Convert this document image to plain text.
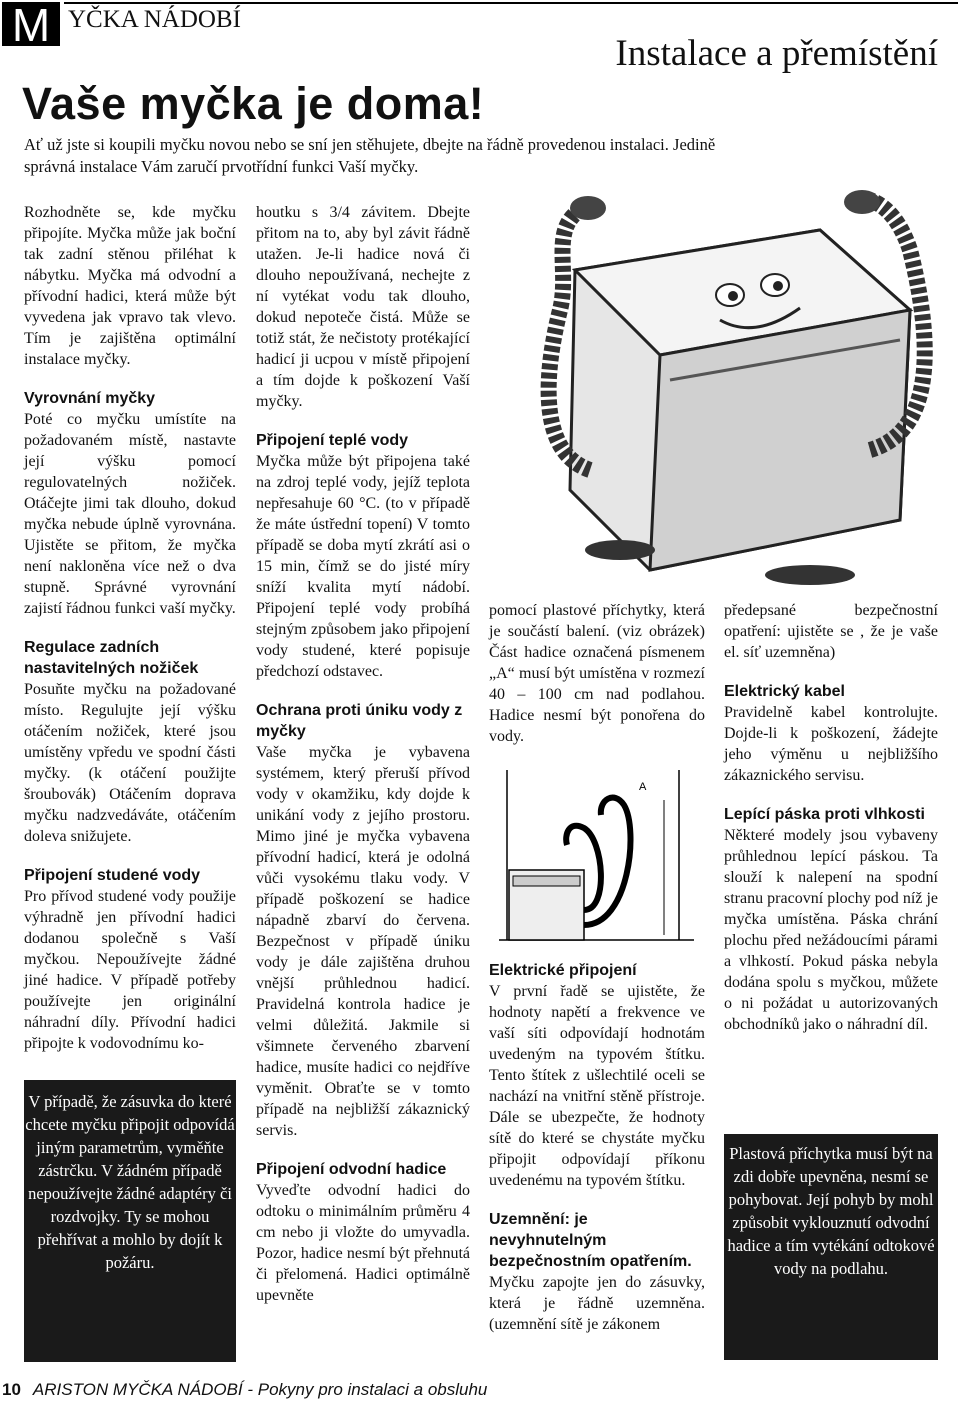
M YČKA NÁDOBÍ
Instalace a přemístění
Vaše myčka je doma!
Ať už jste si koupili myčku novou nebo se sní jen stěhujete, dbejte na řádně provedenou instalaci. Jedině správná instalace Vám zaručí prvotřídní funkci Vaší myčky.

Rozhodněte se, kde myčku připojíte. Myčka může jak boční tak zadní stěnou přiléhat k nábytku. Myčka má odvodní a přívodní hadici, která může být vyvedena jak vpravo tak vlevo. Tím je zajištěna optimální instalace myčky.

Vyrovnání myčky

Poté co myčku umístíte na požadovaném místě, nastavte její výšku pomocí regulovatelných nožiček. Otáčejte jimi tak dlouho, dokud myčka nebude úplně vyrovnána. Ujistěte se přitom, že myčka není nakloněna více než o dva stupně. Správné vyrovnání zajistí řádnou funkci vaší myčky.

Regulace zadních nastavitelných nožiček

Posuňte myčku na požadované místo. Regulujte její výšku otáčením nožiček, které jsou umístěny vpředu ve spodní části myčky. (k otáčení použijte šroubovák) Otáčením doprava myčku nadzvedáváte, otáčením doleva snižujete.

Připojení studené vody

Pro přívod studené vody použije výhradně jen přívodní hadici dodanou společně s Vaší myčkou. Nepoužívejte žádné jiné hadice. V případě potřeby používejte jen originální náhradní díly. Přívodní hadici připojte k vodovodnímu ko-

V případě, že zásuvka do které chcete myčku připojit odpovídá jiným parametrům, vyměňte zástrčku. V žádném případě nepoužívejte žádné adaptéry či rozdvojky. Ty se mohou přehřívat a mohlo by dojít k požáru.

houtku s 3/4 závitem. Dbejte přitom na to, aby byl závit řádně utažen. Je-li hadice nová či dlouho nepoužívaná, nechejte z ní vytékat vodu tak dlouho, dokud nepoteče čistá. Může se totiž stát, že nečistoty protékající hadicí ji ucpou v místě připojení a tím dojde k poškození Vaší myčky.

Připojení teplé vody

Myčka může být připojena také na zdroj teplé vody, jejíž teplota nepřesahuje 60 °C. (to v případě že máte ústřední topení) V tomto případě se doba mytí zkrátí asi o 15 min, čímž se do jisté míry sníží kvalita mytí nádobí. Připojení teplé vody probíhá stejným způsobem jako připojení vody studené, které popisuje předchozí odstavec.

Ochrana proti úniku vody z myčky

Vaše myčka je vybavena systémem, který přeruší přívod vody v okamžiku, kdy dojde k unikání vody z jejího prostoru. Mimo jiné je myčka vybavena přívodní hadicí, která je odolná vůči vysokému tlaku vody. V případě poškození se hadice nápadně zbarví do červena. Bezpečnost v případě úniku vody je dále zajištěna druhou vnější průhlednou hadicí. Pravidelná kontrola hadice je velmi důležitá. Jakmile si všimnete červeného zbarvení hadice, musíte hadici co nejdříve vyměnit. Obraťte se v tomto případě na nejbližší zákaznický servis.

Připojení odvodní hadice

Vyveďte odvodní hadici do odtoku o minimálním průměru 4 cm nebo ji vložte do umyvadla. Pozor, hadice nesmí být přehnutá či přelomená. Hadici optimálně upevněte

pomocí plastové příchytky, která je součástí balení. (viz obrázek) Část hadice označená písmenem „A“ musí být umístěna v rozmezí 40 – 100 cm nad podlahou. Hadice nesmí být ponořena do vody.

A
Elektrické připojení

V první řadě se ujistěte, že hodnoty napětí a frekvence ve vaší síti odpovídají hodnotám uvedeným na typovém štítku. Tento štítek z ušlechtilé oceli se nachází na vnitřní stěně přístroje. Dále se ubezpečte, že hodnoty sítě do které se chystáte myčku připojit odpovídají příkonu uvedenému na typovém štítku.

Uzemnění: je nevyhnutelným bezpečnostním opatřením.

Myčku zapojte jen do zásuvky, která je řádně uzemněna. (uzemnění sítě je zákonem

předepsané bezpečnostní opatření: ujistěte se , že je vaše el. síť uzemněna)

Elektrický kabel

Pravidelně kabel kontrolujte. Dojde-li k poškození, žádejte jeho výměnu u nejbližšího zákaznického servisu.

Lepící páska proti vlhkosti

Některé modely jsou vybaveny průhlednou lepící páskou. Ta slouží k nalepení na spodní stranu pracovní plochy pod níž je myčka umístěna. Páska chrání plochu před nežádoucími párami a vlhkostí. Pokud páska nebyla dodána spolu s myčkou, můžete o ni požádat u autorizovaných obchodníků jako o náhradní díl.

Plastová příchytka musí být na zdi dobře upevněna, nesmí se pohybovat. Její pohyb by mohl způsobit vyklouznutí odvodní hadice a tím vytékání odtokové vody na podlahu.
10 ARISTON MYČKA NÁDOBÍ - Pokyny pro instalaci a obsluhu
